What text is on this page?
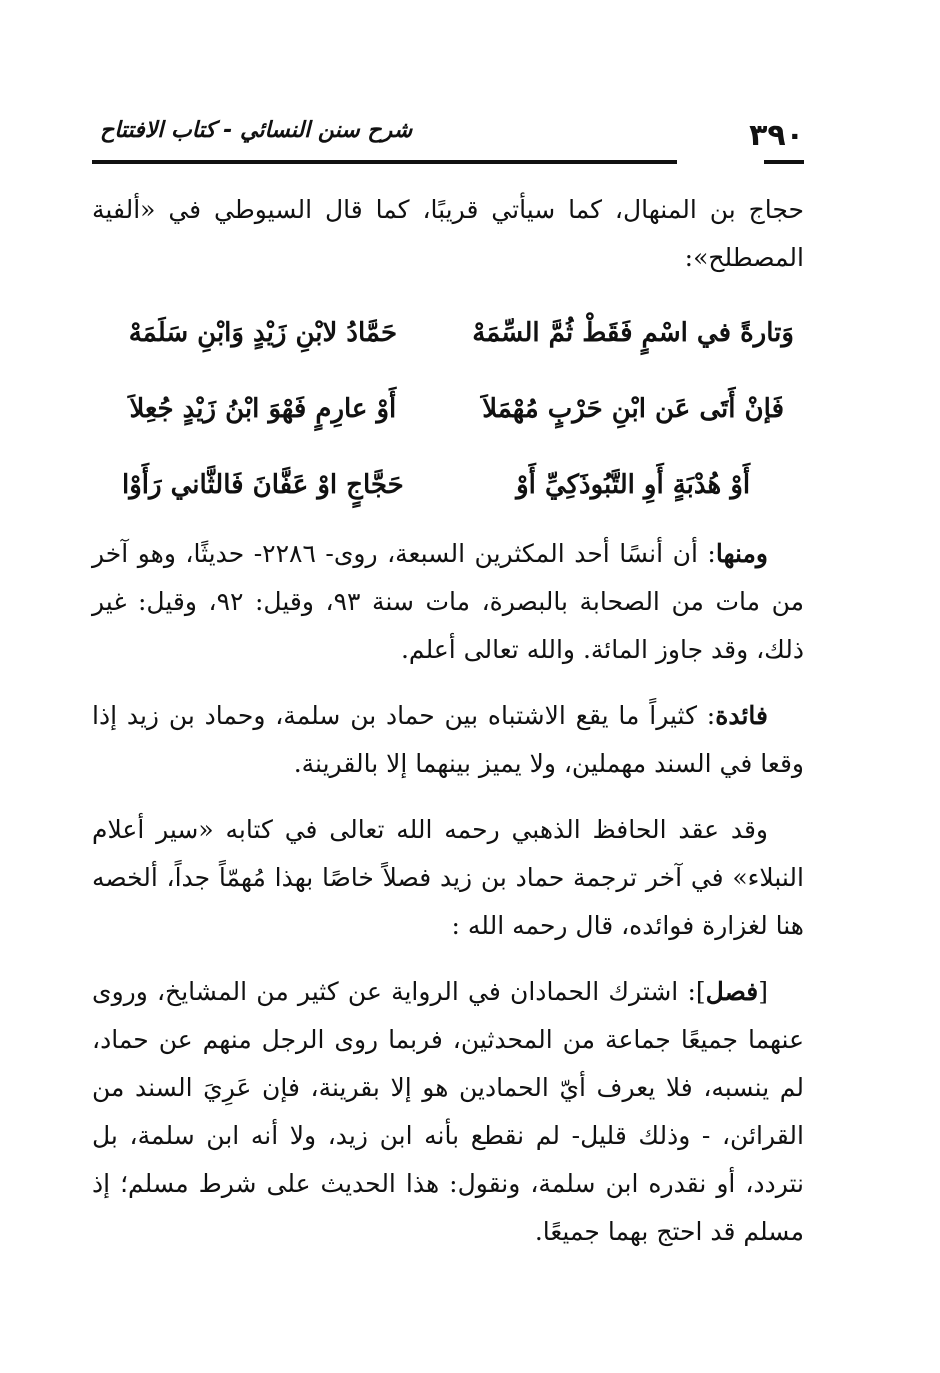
٣٩٠
شرح سنن النسائي - كتاب الافتتاح

حجاج بن المنهال، كما سيأتي قريبًا، كما قال السيوطي في «ألفية المصطلح»:

وَتارةً في اسْمٍ فَقَطْ ثُمَّ السِّمَهْ
حَمَّادُ لابْنِ زَيْدٍ وَابْنِ سَلَمَهْ
فَإنْ أَتَى عَن ابْنِ حَرْبٍ مُهْمَلاَ
أَوْ عارِمٍ فَهْوَ ابْنُ زَيْدٍ جُعِلاَ
أَوْ هُدْبَةٍ أَوِ التَّبُوذَكِيِّ أَوْ
حَجَّاجٍ اوْ عَفَّانَ فَالثَّاني رَأَوْا

ومنها: أن أنسًا أحد المكثرين السبعة، روى- ٢٢٨٦- حديثًا، وهو آخر من مات من الصحابة بالبصرة، مات سنة ٩٣، وقيل: ٩٢، وقيل: غير ذلك، وقد جاوز المائة. والله تعالى أعلم.

فائدة: كثيراً ما يقع الاشتباه بين حماد بن سلمة، وحماد بن زيد إذا وقعا في السند مهملين، ولا يميز بينهما إلا بالقرينة.

وقد عقد الحافظ الذهبي رحمه الله تعالى في كتابه «سير أعلام النبلاء» في آخر ترجمة حماد بن زيد فصلاً خاصًا بهذا مُهمّاً جداً، ألخصه هنا لغزارة فوائده، قال رحمه الله :

[فصل]: اشترك الحمادان في الرواية عن كثير من المشايخ، وروى عنهما جميعًا جماعة من المحدثين، فربما روى الرجل منهم عن حماد، لم ينسبه، فلا يعرف أيّ الحمادين هو إلا بقرينة، فإن عَرِيَ السند من القرائن، - وذلك قليل- لم نقطع بأنه ابن زيد، ولا أنه ابن سلمة، بل نتردد، أو نقدره ابن سلمة، ونقول: هذا الحديث على شرط مسلم؛ إذ مسلم قد احتج بهما جميعًا.
